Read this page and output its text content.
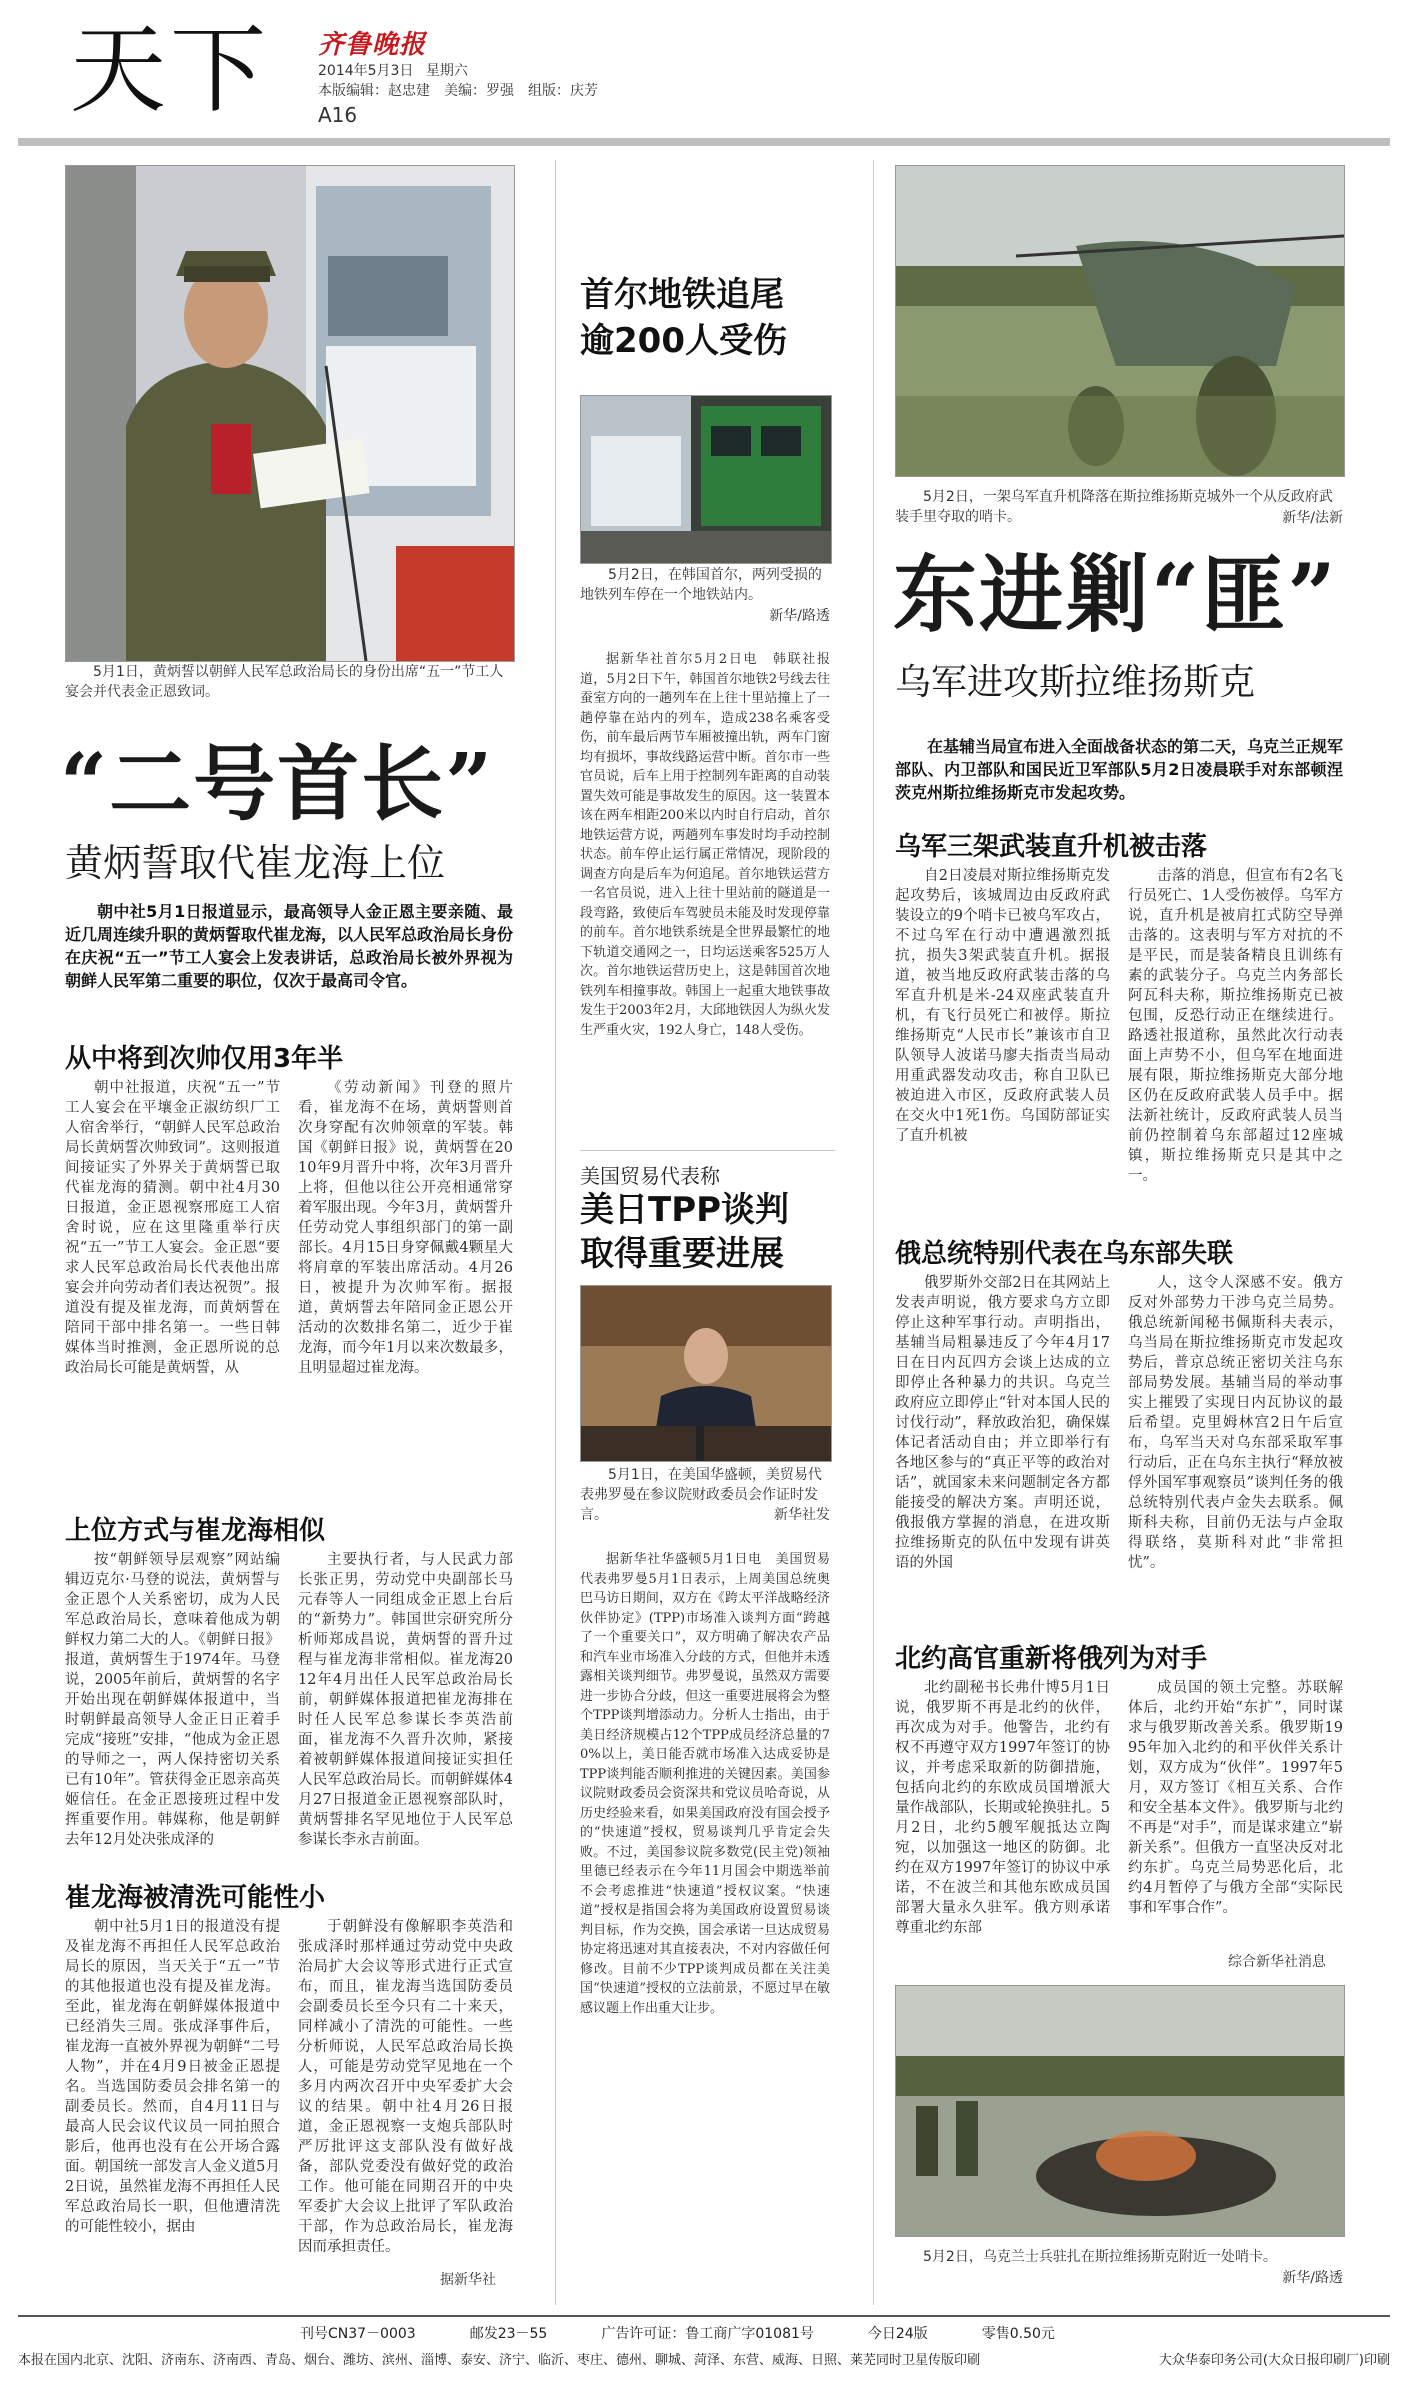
天下 齐鲁晚报
2014年5月3日 星期六
本版编辑：赵忠建　美编：罗强　组版：庆芳
A16
5月1日，黄炳誓以朝鲜人民军总政治局长的身份出席“五一”节工人宴会并代表金正恩致词。
“二号首长”
黄炳誓取代崔龙海上位
朝中社5月1日报道显示，最高领导人金正恩主要亲随、最近几周连续升职的黄炳誓取代崔龙海，以人民军总政治局长身份在庆祝“五一”节工人宴会上发表讲话，总政治局长被外界视为朝鲜人民军第二重要的职位，仅次于最高司令官。
从中将到次帅仅用3年半
朝中社报道，庆祝“五一”节工人宴会在平壤金正淑纺织厂工人宿舍举行，“朝鲜人民军总政治局长黄炳誓次帅致词”。这则报道间接证实了外界关于黄炳誓已取代崔龙海的猜测。朝中社4月30日报道，金正恩视察邢庭工人宿舍时说，应在这里隆重举行庆祝“五一”节工人宴会。金正恩“要求人民军总政治局长代表他出席宴会并向劳动者们表达祝贺”。报道没有提及崔龙海，而黄炳誓在陪同干部中排名第一。一些日韩媒体当时推测，金正恩所说的总政治局长可能是黄炳誓，从
《劳动新闻》刊登的照片看，崔龙海不在场，黄炳誓则首次身穿配有次帅领章的军装。韩国《朝鲜日报》说，黄炳誓在2010年9月晋升中将，次年3月晋升上将，但他以往公开亮相通常穿着军服出现。今年3月，黄炳誓升任劳动党人事组织部门的第一副部长。4月15日身穿佩戴4颗星大将肩章的军装出席活动。4月26日，被提升为次帅军衔。据报道，黄炳誓去年陪同金正恩公开活动的次数排名第二，近少于崔龙海，而今年1月以来次数最多，且明显超过崔龙海。
上位方式与崔龙海相似
按“朝鲜领导层观察”网站编辑迈克尔·马登的说法，黄炳誓与金正恩个人关系密切，成为人民军总政治局长，意味着他成为朝鲜权力第二大的人。《朝鲜日报》报道，黄炳誓生于1974年。马登说，2005年前后，黄炳誓的名字开始出现在朝鲜媒体报道中，当时朝鲜最高领导人金正日正着手完成“接班”安排，“他成为金正恩的导师之一，两人保持密切关系已有10年”。管获得金正恩亲高英姬信任。在金正恩接班过程中发挥重要作用。韩媒称，他是朝鲜去年12月处决张成泽的
主要执行者，与人民武力部长张正男，劳动党中央副部长马元春等人一同组成金正恩上台后的“新势力”。韩国世宗研究所分析师郑成昌说，黄炳誓的晋升过程与崔龙海非常相似。崔龙海2012年4月出任人民军总政治局长前，朝鲜媒体报道把崔龙海排在时任人民军总参谋长李英浩前面，崔龙海不久晋升次帅，紧接着被朝鲜媒体报道间接证实担任人民军总政治局长。而朝鲜媒体4月27日报道金正恩视察部队时，黄炳誓排名罕见地位于人民军总参谋长李永吉前面。
崔龙海被清洗可能性小
朝中社5月1日的报道没有提及崔龙海不再担任人民军总政治局长的原因，当天关于“五一”节的其他报道也没有提及崔龙海。至此，崔龙海在朝鲜媒体报道中已经消失三周。张成泽事件后，崔龙海一直被外界视为朝鲜“二号人物”，并在4月9日被金正恩提名。当选国防委员会排名第一的副委员长。然而，自4月11日与最高人民会议代议员一同拍照合影后，他再也没有在公开场合露面。朝国统一部发言人金义道5月2日说，虽然崔龙海不再担任人民军总政治局长一职，但他遭清洗的可能性较小，据由
于朝鲜没有像解职李英浩和张成泽时那样通过劳动党中央政治局扩大会议等形式进行正式宣布，而且，崔龙海当选国防委员会副委员长至今只有二十来天，同样减小了清洗的可能性。一些分析师说，人民军总政治局长换人，可能是劳动党罕见地在一个多月内两次召开中央军委扩大会议的结果。朝中社4月26日报道，金正恩视察一支炮兵部队时严厉批评这支部队没有做好战备，部队党委没有做好党的政治工作。他可能在同期召开的中央军委扩大会议上批评了军队政治干部，作为总政治局长，崔龙海因而承担责任。
据新华社
首尔地铁追尾
逾200人受伤
5月2日，在韩国首尔，两列受损的地铁列车停在一个地铁站内。
新华/路透
据新华社首尔5月2日电　韩联社报道，5月2日下午，韩国首尔地铁2号线去往蚕室方向的一趟列车在上往十里站撞上了一趟停靠在站内的列车，造成238名乘客受伤，前车最后两节车厢被撞出轨，两车门窗均有损坏，事故线路运营中断。首尔市一些官员说，后车上用于控制列车距离的自动装置失效可能是事故发生的原因。这一装置本该在两车相距200米以内时自行启动，首尔地铁运营方说，两趟列车事发时均手动控制状态。前车停止运行属正常情况，现阶段的调查方向是后车为何追尾。首尔地铁运营方一名官员说，进入上往十里站前的隧道是一段弯路，致使后车驾驶员未能及时发现停靠的前车。首尔地铁系统是全世界最繁忙的地下轨道交通网之一，日均运送乘客525万人次。首尔地铁运营历史上，这是韩国首次地铁列车相撞事故。韩国上一起重大地铁事故发生于2003年2月，大邱地铁因人为纵火发生严重火灾，192人身亡，148人受伤。
美国贸易代表称
美日TPP谈判
取得重要进展
5月1日，在美国华盛顿，美贸易代表弗罗曼在参议院财政委员会作证时发言。	新华社发
据新华社华盛顿5月1日电　美国贸易代表弗罗曼5月1日表示，上周美国总统奥巴马访日期间，双方在《跨太平洋战略经济伙伴协定》(TPP)市场准入谈判方面“跨越了一个重要关口”，双方明确了解决农产品和汽车业市场准入分歧的方式，但他并未透露相关谈判细节。弗罗曼说，虽然双方需要进一步协合分歧，但这一重要进展将会为整个TPP谈判增添动力。分析人士指出，由于美日经济规模占12个TPP成员经济总量的70%以上，美日能否就市场准入达成妥协是TPP谈判能否顺利推进的关键因素。美国参议院财政委员会资深共和党议员哈奇说，从历史经验来看，如果美国政府没有国会授予的“快速道”授权，贸易谈判几乎肯定会失败。不过，美国参议院多数党(民主党)领袖里德已经表示在今年11月国会中期选举前不会考虑推进“快速道”授权议案。“快速道”授权是指国会将为美国政府设置贸易谈判目标，作为交换，国会承诺一旦达成贸易协定将迅速对其直接表决，不对内容做任何修改。目前不少TPP谈判成员都在关注美国“快速道”授权的立法前景，不愿过早在敏感议题上作出重大让步。
5月2日，一架乌军直升机降落在斯拉维扬斯克城外一个从反政府武装手里夺取的哨卡。	新华/法新
东进剿“匪”
乌军进攻斯拉维扬斯克
在基辅当局宣布进入全面战备状态的第二天，乌克兰正规军部队、内卫部队和国民近卫军部队5月2日凌晨联手对东部顿涅茨克州斯拉维扬斯克市发起攻势。
乌军三架武装直升机被击落
自2日凌晨对斯拉维扬斯克发起攻势后，该城周边由反政府武装设立的9个哨卡已被乌军攻占，不过乌军在行动中遭遇激烈抵抗，损失3架武装直升机。据报道，被当地反政府武装击落的乌军直升机是米-24双座武装直升机，有飞行员死亡和被俘。斯拉维扬斯克“人民市长”兼该市自卫队领导人波诺马廖夫指责当局动用重武器发动攻击，称自卫队已被迫进入市区，反政府武装人员在交火中1死1伤。乌国防部证实了直升机被
击落的消息，但宣布有2名飞行员死亡、1人受伤被俘。乌军方说，直升机是被肩扛式防空导弹击落的。这表明与军方对抗的不是平民，而是装备精良且训练有素的武装分子。乌克兰内务部长阿瓦科夫称，斯拉维扬斯克已被包围，反恐行动正在继续进行。路透社报道称，虽然此次行动表面上声势不小，但乌军在地面进展有限，斯拉维扬斯克大部分地区仍在反政府武装人员手中。据法新社统计，反政府武装人员当前仍控制着乌东部超过12座城镇，斯拉维扬斯克只是其中之一。
俄总统特别代表在乌东部失联
俄罗斯外交部2日在其网站上发表声明说，俄方要求乌方立即停止这种军事行动。声明指出，基辅当局粗暴违反了今年4月17日在日内瓦四方会谈上达成的立即停止各种暴力的共识。乌克兰政府应立即停止“针对本国人民的讨伐行动”，释放政治犯，确保媒体记者活动自由；并立即举行有各地区参与的“真正平等的政治对话”，就国家未来问题制定各方都能接受的解决方案。声明还说，俄报俄方掌握的消息，在进攻斯拉维扬斯克的队伍中发现有讲英语的外国
人，这令人深感不安。俄方反对外部势力干涉乌克兰局势。俄总统新闻秘书佩斯科夫表示，乌当局在斯拉维扬斯克市发起攻势后，普京总统正密切关注乌东部局势发展。基辅当局的举动事实上摧毁了实现日内瓦协议的最后希望。克里姆林宫2日午后宣布，乌军当天对乌东部采取军事行动后，正在乌东主执行“释放被俘外国军事观察员”谈判任务的俄总统特别代表卢金失去联系。佩斯科夫称，目前仍无法与卢金取得联络，莫斯科对此“非常担忧”。
北约高官重新将俄列为对手
北约副秘书长弗什博5月1日说，俄罗斯不再是北约的伙伴，再次成为对手。他警告，北约有权不再遵守双方1997年签订的协议，并考虑采取新的防御措施，包括向北约的东欧成员国增派大量作战部队，长期或轮换驻扎。5月2日，北约5艘军舰抵达立陶宛，以加强这一地区的防御。北约在双方1997年签订的协议中承诺，不在波兰和其他东欧成员国部署大量永久驻军。俄方则承诺尊重北约东部
成员国的领土完整。苏联解体后，北约开始“东扩”，同时谋求与俄罗斯改善关系。俄罗斯1995年加入北约的和平伙伴关系计划，双方成为“伙伴”。1997年5月，双方签订《相互关系、合作和安全基本文件》。俄罗斯与北约不再是“对手”，而是谋求建立“崭新关系”。但俄方一直坚决反对北约东扩。乌克兰局势恶化后，北约4月暂停了与俄方全部“实际民事和军事合作”。
综合新华社消息
5月2日，乌克兰士兵驻扎在斯拉维扬斯克附近一处哨卡。
新华/路透
刊号CN37－0003	邮发23－55	广告许可证：鲁工商广字01081号	今日24版	零售0.50元
本报在国内北京、沈阳、济南东、济南西、青岛、烟台、潍坊、滨州、淄博、泰安、济宁、临沂、枣庄、德州、聊城、菏泽、东营、威海、日照、莱芜同时卫星传版印刷	大众华泰印务公司(大众日报印刷厂)印刷
